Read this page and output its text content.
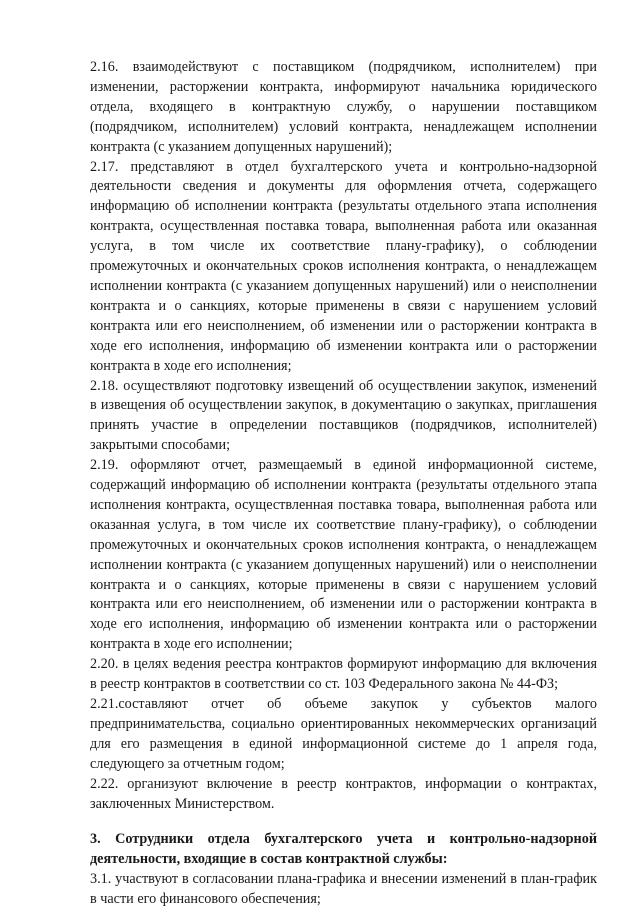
2.16. взаимодействуют с поставщиком (подрядчиком, исполнителем) при изменении, расторжении контракта, информируют начальника юридического отдела, входящего в контрактную службу, о нарушении поставщиком (подрядчиком, исполнителем) условий контракта, ненадлежащем исполнении контракта (с указанием допущенных нарушений);

2.17. представляют в отдел бухгалтерского учета и контрольно-надзорной деятельности сведения и документы для оформления отчета, содержащего информацию об исполнении контракта (результаты отдельного этапа исполнения контракта, осуществленная поставка товара, выполненная работа или оказанная услуга, в том числе их соответствие плану-графику), о соблюдении промежуточных и окончательных сроков исполнения контракта, о ненадлежащем исполнении контракта (с указанием допущенных нарушений) или о неисполнении контракта и о санкциях, которые применены в связи с нарушением условий контракта или его неисполнением, об изменении или о расторжении контракта в ходе его исполнения, информацию об изменении контракта или о расторжении контракта в ходе его исполнения;

2.18. осуществляют подготовку извещений об осуществлении закупок, изменений в извещения об осуществлении закупок, в документацию о закупках, приглашения принять участие в определении поставщиков (подрядчиков, исполнителей) закрытыми способами;

2.19. оформляют отчет, размещаемый в единой информационной системе, содержащий информацию об исполнении контракта (результаты отдельного этапа исполнения контракта, осуществленная поставка товара, выполненная работа или оказанная услуга, в том числе их соответствие плану-графику), о соблюдении промежуточных и окончательных сроков исполнения контракта, о ненадлежащем исполнении контракта (с указанием допущенных нарушений) или о неисполнении контракта и о санкциях, которые применены в связи с нарушением условий контракта или его неисполнением, об изменении или о расторжении контракта в ходе его исполнения, информацию об изменении контракта или о расторжении контракта в ходе его исполнении;

2.20. в целях ведения реестра контрактов формируют информацию для включения в реестр контрактов в соответствии со ст. 103 Федерального закона № 44-ФЗ;

2.21.составляют отчет об объеме закупок у субъектов малого предпринимательства, социально ориентированных некоммерческих организаций для его размещения в единой информационной системе до 1 апреля года, следующего за отчетным годом;

2.22. организуют включение в реестр контрактов, информации о контрактах, заключенных Министерством.

3. Сотрудники отдела бухгалтерского учета и контрольно-надзорной деятельности, входящие в состав контрактной службы:

3.1. участвуют в согласовании плана-графика и внесении изменений в план-график в части его финансового обеспечения;
